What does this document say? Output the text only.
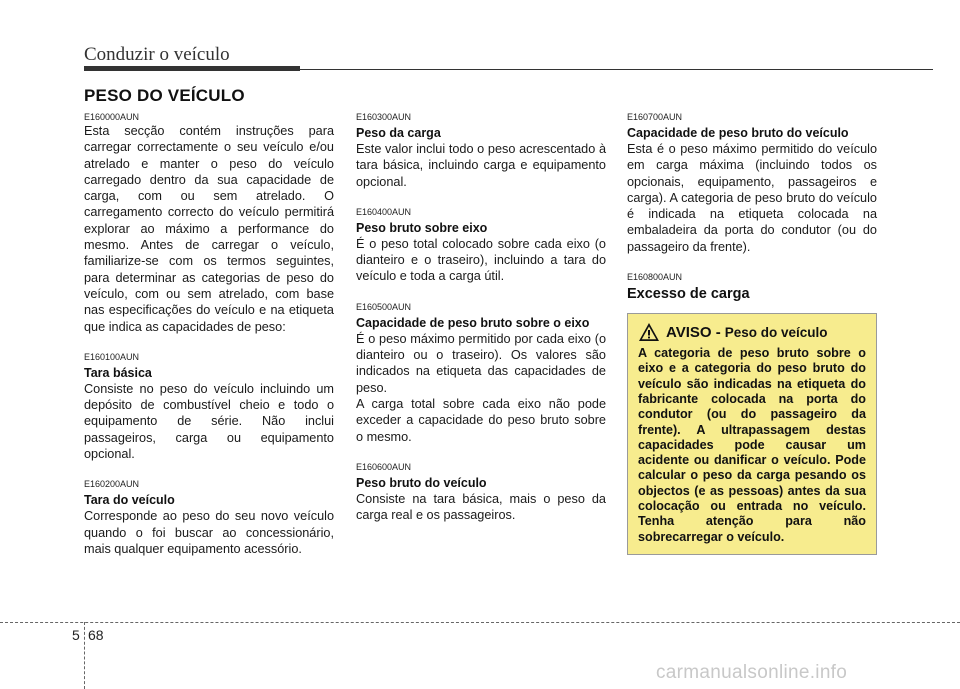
Conduzir o veículo
PESO DO VEÍCULO
E160000AUN

Esta secção contém instruções para carregar correctamente o seu veículo e/ou atrelado e manter o peso do veículo carregado dentro da sua capacidade de carga, com ou sem atrelado. O carregamento correcto do veículo permitirá explorar ao máximo a performance do mesmo. Antes de carregar o veículo, familiarize-se com os termos seguintes, para determinar as categorias de peso do veículo, com ou sem atrelado, com base nas especificações do veículo e na etiqueta que indica as capacidades de peso:

E160100AUN
Tara básica

Consiste no peso do veículo incluindo um depósito de combustível cheio e todo o equipamento de série. Não inclui passageiros, carga ou equipamento opcional.

E160200AUN
Tara do veículo

Corresponde ao peso do seu novo veículo quando o foi buscar ao concessionário, mais qualquer equipamento acessório.

E160300AUN
Peso da carga

Este valor inclui todo o peso acrescentado à tara básica, incluindo carga e equipamento opcional.

E160400AUN
Peso bruto sobre eixo

É o peso total colocado sobre cada eixo (o dianteiro e o traseiro), incluindo a tara do veículo e toda a carga útil.

E160500AUN
Capacidade de peso bruto sobre o eixo

É o peso máximo permitido por cada eixo (o dianteiro ou o traseiro). Os valores são indicados na etiqueta das capacidades de peso.

A carga total sobre cada eixo não pode exceder a capacidade do peso bruto sobre o mesmo.

E160600AUN
Peso bruto do veículo

Consiste na tara básica, mais o peso da carga real e os passageiros.

E160700AUN
Capacidade de peso bruto do veículo

Esta é o peso máximo permitido do veículo em carga máxima (incluindo todos os opcionais, equipamento, passageiros e carga). A categoria de peso bruto do veículo é indicada na etiqueta colocada na embaladeira da porta do condutor (ou do passageiro da frente).

E160800AUN
Excesso de carga
AVISO - Peso do veículo

A categoria de peso bruto sobre o eixo e a categoria do peso bruto do veículo são indicadas na etiqueta do fabricante colocada na porta do condutor (ou do passageiro da frente). A ultrapassagem destas capacidades pode causar um acidente ou danificar o veículo. Pode calcular o peso da carga pesando os objectos (e as pessoas) antes da sua colocação ou entrada no veículo. Tenha atenção para não sobrecarregar o veículo.

5 68
carmanualsonline.info
